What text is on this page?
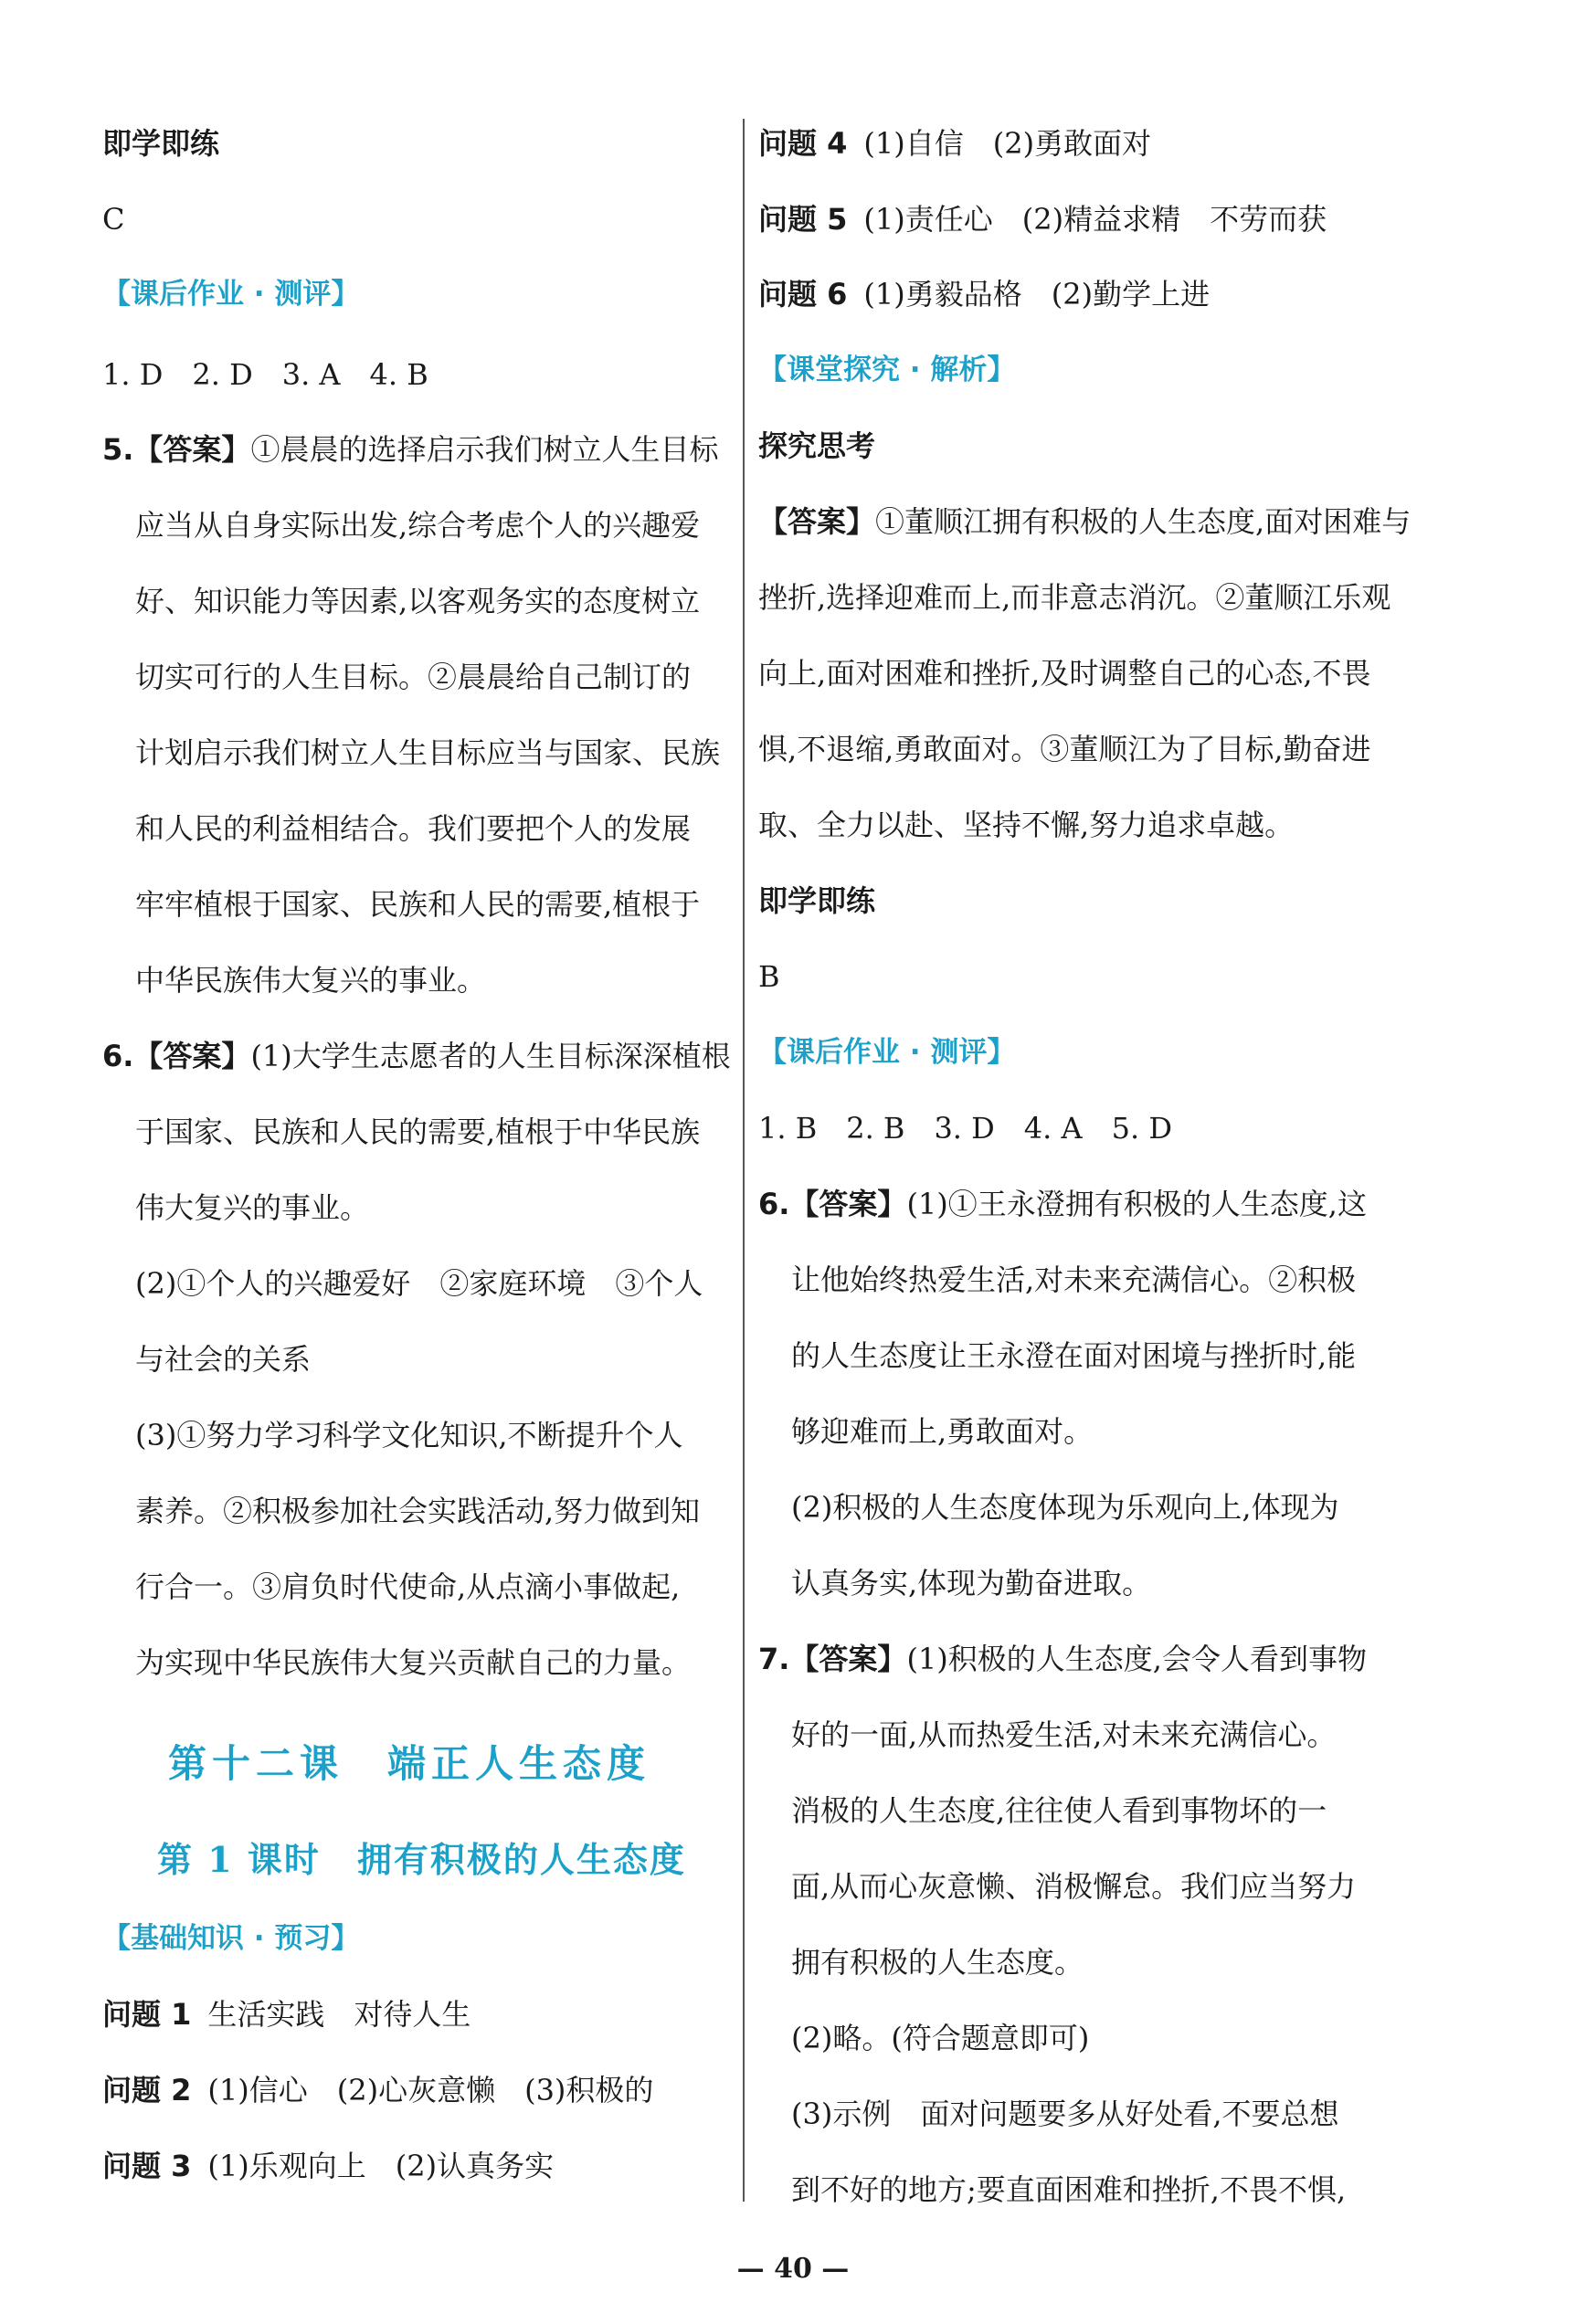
即学即练
C
【课后作业 · 测评】
1. D　2. D　3. A　4. B
5.【答案】①晨晨的选择启示我们树立人生目标
应当从自身实际出发,综合考虑个人的兴趣爱
好、知识能力等因素,以客观务实的态度树立
切实可行的人生目标。②晨晨给自己制订的
计划启示我们树立人生目标应当与国家、民族
和人民的利益相结合。我们要把个人的发展
牢牢植根于国家、民族和人民的需要,植根于
中华民族伟大复兴的事业。
6.【答案】(1)大学生志愿者的人生目标深深植根
于国家、民族和人民的需要,植根于中华民族
伟大复兴的事业。
(2)①个人的兴趣爱好　②家庭环境　③个人
与社会的关系
(3)①努力学习科学文化知识,不断提升个人
素养。②积极参加社会实践活动,努力做到知
行合一。③肩负时代使命,从点滴小事做起,
为实现中华民族伟大复兴贡献自己的力量。
第十二课　端正人生态度
第 1 课时　拥有积极的人生态度
【基础知识 · 预习】
问题 1 生活实践　对待人生
问题 2 (1)信心　(2)心灰意懒　(3)积极的
问题 3 (1)乐观向上　(2)认真务实
问题 4 (1)自信　(2)勇敢面对
问题 5 (1)责任心　(2)精益求精　不劳而获
问题 6 (1)勇毅品格　(2)勤学上进
【课堂探究 · 解析】
探究思考
【答案】①董顺江拥有积极的人生态度,面对困难与
挫折,选择迎难而上,而非意志消沉。②董顺江乐观
向上,面对困难和挫折,及时调整自己的心态,不畏
惧,不退缩,勇敢面对。③董顺江为了目标,勤奋进
取、全力以赴、坚持不懈,努力追求卓越。
即学即练
B
【课后作业 · 测评】
1. B　2. B　3. D　4. A　5. D
6.【答案】(1)①王永澄拥有积极的人生态度,这
让他始终热爱生活,对未来充满信心。②积极
的人生态度让王永澄在面对困境与挫折时,能
够迎难而上,勇敢面对。
(2)积极的人生态度体现为乐观向上,体现为
认真务实,体现为勤奋进取。
7.【答案】(1)积极的人生态度,会令人看到事物
好的一面,从而热爱生活,对未来充满信心。
消极的人生态度,往往使人看到事物坏的一
面,从而心灰意懒、消极懈怠。我们应当努力
拥有积极的人生态度。
(2)略。(符合题意即可)
(3)示例　面对问题要多从好处看,不要总想
到不好的地方;要直面困难和挫折,不畏不惧,
— 40 —
